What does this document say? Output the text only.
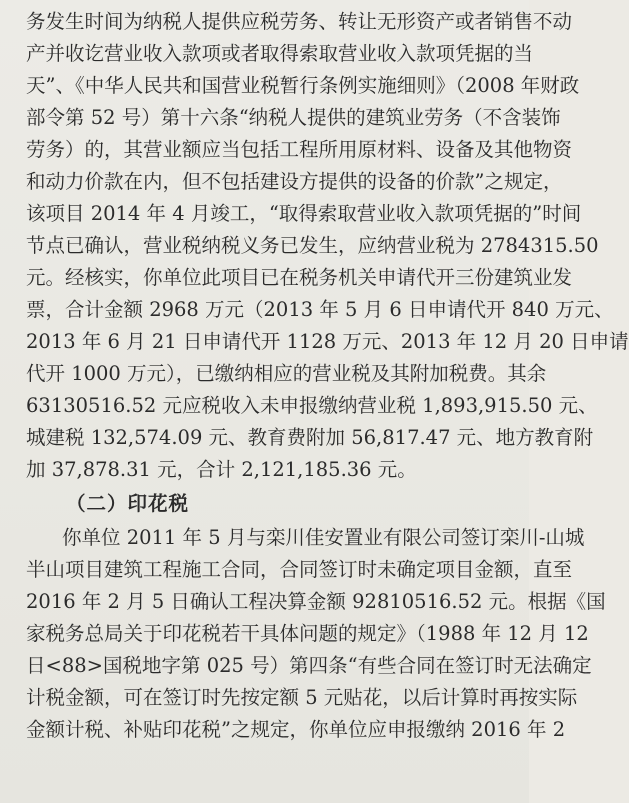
务发生时间为纳税人提供应税劳务、转让无形资产或者销售不动
产并收讫营业收入款项或者取得索取营业收入款项凭据的当
天”、《中华人民共和国营业税暂行条例实施细则》（2008 年财政
部令第 52 号）第十六条“纳税人提供的建筑业劳务（不含装饰
劳务）的，其营业额应当包括工程所用原材料、设备及其他物资
和动力价款在内，但不包括建设方提供的设备的价款”之规定，
该项目 2014 年 4 月竣工，“取得索取营业收入款项凭据的”时间
节点已确认，营业税纳税义务已发生，应纳营业税为 2784315.50
元。经核实，你单位此项目已在税务机关申请代开三份建筑业发
票，合计金额 2968 万元（2013 年 5 月 6 日申请代开 840 万元、
2013 年 6 月 21 日申请代开 1128 万元、2013 年 12 月 20 日申请
代开 1000 万元），已缴纳相应的营业税及其附加税费。其余
63130516.52 元应税收入未申报缴纳营业税 1,893,915.50 元、
城建税 132,574.09 元、教育费附加 56,817.47 元、地方教育附
加 37,878.31 元，合计 2,121,185.36 元。
（二）印花税
你单位 2011 年 5 月与栾川佳安置业有限公司签订栾川-山城
半山项目建筑工程施工合同，合同签订时未确定项目金额，直至
2016 年 2 月 5 日确认工程决算金额 92810516.52 元。根据《国
家税务总局关于印花税若干具体问题的规定》（1988 年 12 月 12
日<88>国税地字第 025 号）第四条“有些合同在签订时无法确定
计税金额，可在签订时先按定额 5 元贴花，以后计算时再按实际
金额计税、补贴印花税”之规定，你单位应申报缴纳 2016 年 2
